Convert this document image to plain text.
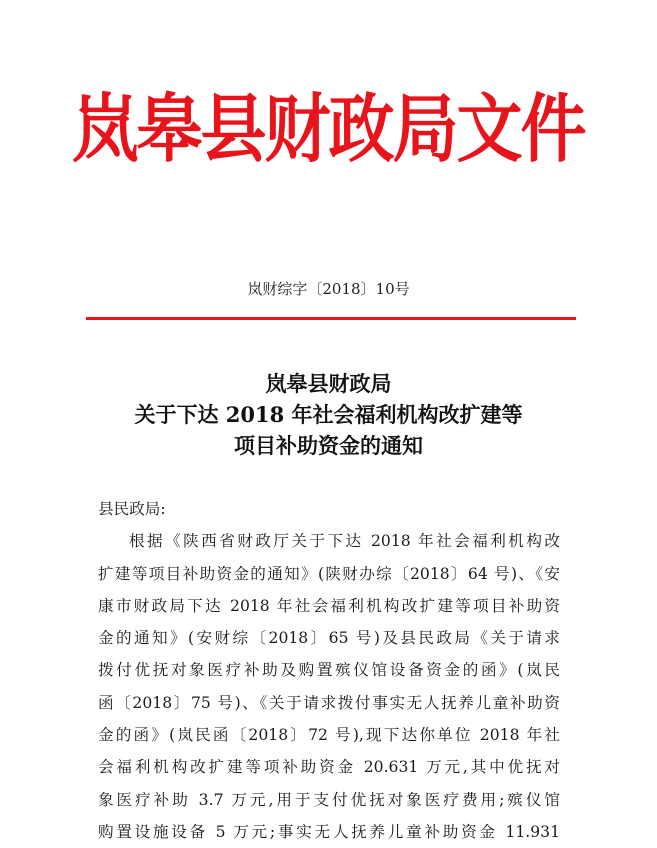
岚皋县财政局文件
岚财综字〔2018〕10号
岚皋县财政局
关于下达 2018 年社会福利机构改扩建等
项目补助资金的通知
县民政局:
根据《陕西省财政厅关于下达 2018 年社会福利机构改
扩建等项目补助资金的通知》(陕财办综〔2018〕64 号)、《安
康市财政局下达 2018 年社会福利机构改扩建等项目补助资
金的通知》(安财综〔2018〕65 号)及县民政局《关于请求
拨付优抚对象医疗补助及购置殡仪馆设备资金的函》(岚民
函〔2018〕75 号)、《关于请求拨付事实无人抚养儿童补助资
金的函》(岚民函〔2018〕72 号),现下达你单位 2018 年社
会福利机构改扩建等项补助资金 20.631 万元,其中优抚对
象医疗补助 3.7 万元,用于支付优抚对象医疗费用;殡仪馆
购置设施设备 5 万元;事实无人抚养儿童补助资金 11.931
